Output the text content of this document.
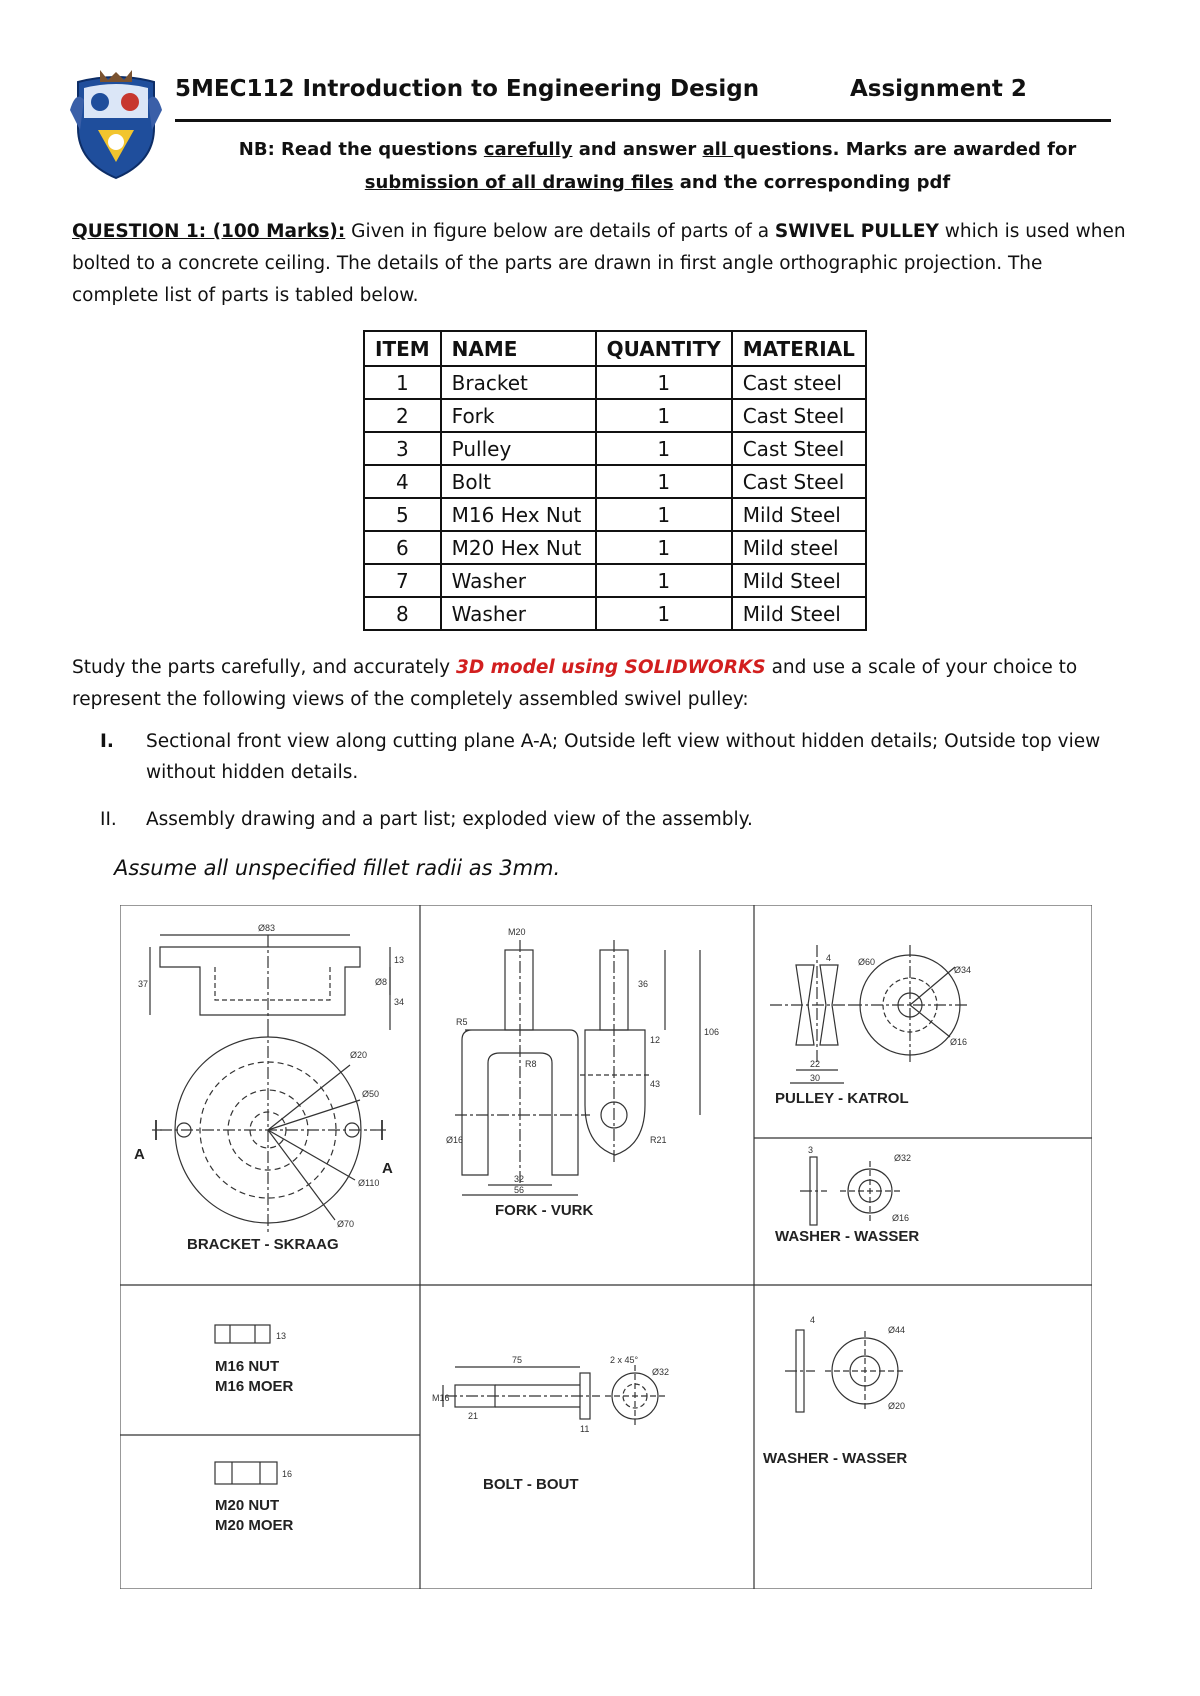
5MEC112 Introduction to Engineering Design	Assignment 2
NB: Read the questions carefully and answer all questions. Marks are awarded for submission of all drawing files and the corresponding pdf
QUESTION 1: (100 Marks): Given in figure below are details of parts of a SWIVEL PULLEY which is used when bolted to a concrete ceiling. The details of the parts are drawn in first angle orthographic projection. The complete list of parts is tabled below.
ITEM	NAME	QUANTITY	MATERIAL
1	Bracket	1	Cast steel
2	Fork	1	Cast Steel
3	Pulley	1	Cast Steel
4	Bolt	1	Cast Steel
5	M16 Hex Nut	1	Mild Steel
6	M20 Hex Nut	1	Mild steel
7	Washer	1	Mild Steel
8	Washer	1	Mild Steel
Study the parts carefully, and accurately 3D model using SOLIDWORKS and use a scale of your choice to represent the following views of the completely assembled swivel pulley:
I.	Sectional front view along cutting plane A-A; Outside left view without hidden details; Outside top view without hidden details.
II.	Assembly drawing and a part list; exploded view of the assembly.
Assume all unspecified fillet radii as 3mm.
BRACKET - SKRAAG
FORK - VURK
PULLEY - KATROL
WASHER - WASSER
M16 NUT
M16 MOER
M20 NUT
M20 MOER
BOLT - BOUT
WASHER - WASSER
A
A
Ø83
37
13
Ø8
34
Ø20
Ø50
Ø110
Ø70
M20
36
106
R5
R8
12
43
Ø16
32
56
R21
4	Ø60
Ø34
Ø16
22
30
3
Ø32
Ø16
13
16
75	2 x 45°
Ø32
M16
21
11
4
Ø44
Ø20
